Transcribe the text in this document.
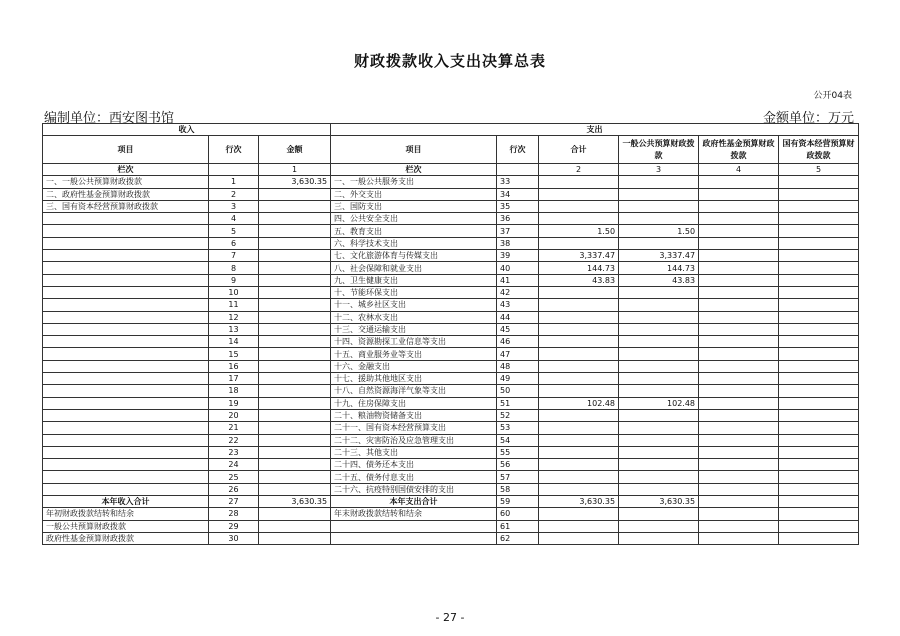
财政拨款收入支出决算总表
公开04表
编制单位：西安图书馆	金额单位：万元
收入			支出					
项目	行次	金额	项目	行次	合计	一般公共预算财政拨款	政府性基金预算财政拨款	国有资本经营预算财政拨款
栏次		1	栏次		2	3	4	5
一、一般公共预算财政拨款	1	3,630.35	一、一般公共服务支出	33				
二、政府性基金预算财政拨款	2		二、外交支出	34				
三、国有资本经营预算财政拨款	3		三、国防支出	35				
	4		四、公共安全支出	36				
	5		五、教育支出	37	1.50	1.50		
	6		六、科学技术支出	38				
	7		七、文化旅游体育与传媒支出	39	3,337.47	3,337.47		
	8		八、社会保障和就业支出	40	144.73	144.73		
	9		九、卫生健康支出	41	43.83	43.83		
	10		十、节能环保支出	42				
	11		十一、城乡社区支出	43				
	12		十二、农林水支出	44				
	13		十三、交通运输支出	45				
	14		十四、资源勘探工业信息等支出	46				
	15		十五、商业服务业等支出	47				
	16		十六、金融支出	48				
	17		十七、援助其他地区支出	49				
	18		十八、自然资源海洋气象等支出	50				
	19		十九、住房保障支出	51	102.48	102.48		
	20		二十、粮油物资储备支出	52				
	21		二十一、国有资本经营预算支出	53				
	22		二十二、灾害防治及应急管理支出	54				
	23		二十三、其他支出	55				
	24		二十四、债务还本支出	56				
	25		二十五、债务付息支出	57				
	26		二十六、抗疫特别国债安排的支出	58				
本年收入合计	27	3,630.35	本年支出合计	59	3,630.35	3,630.35		
年初财政拨款结转和结余	28		年末财政拨款结转和结余	60				
一般公共预算财政拨款	29			61				
政府性基金预算财政拨款	30			62				
- 27 -
